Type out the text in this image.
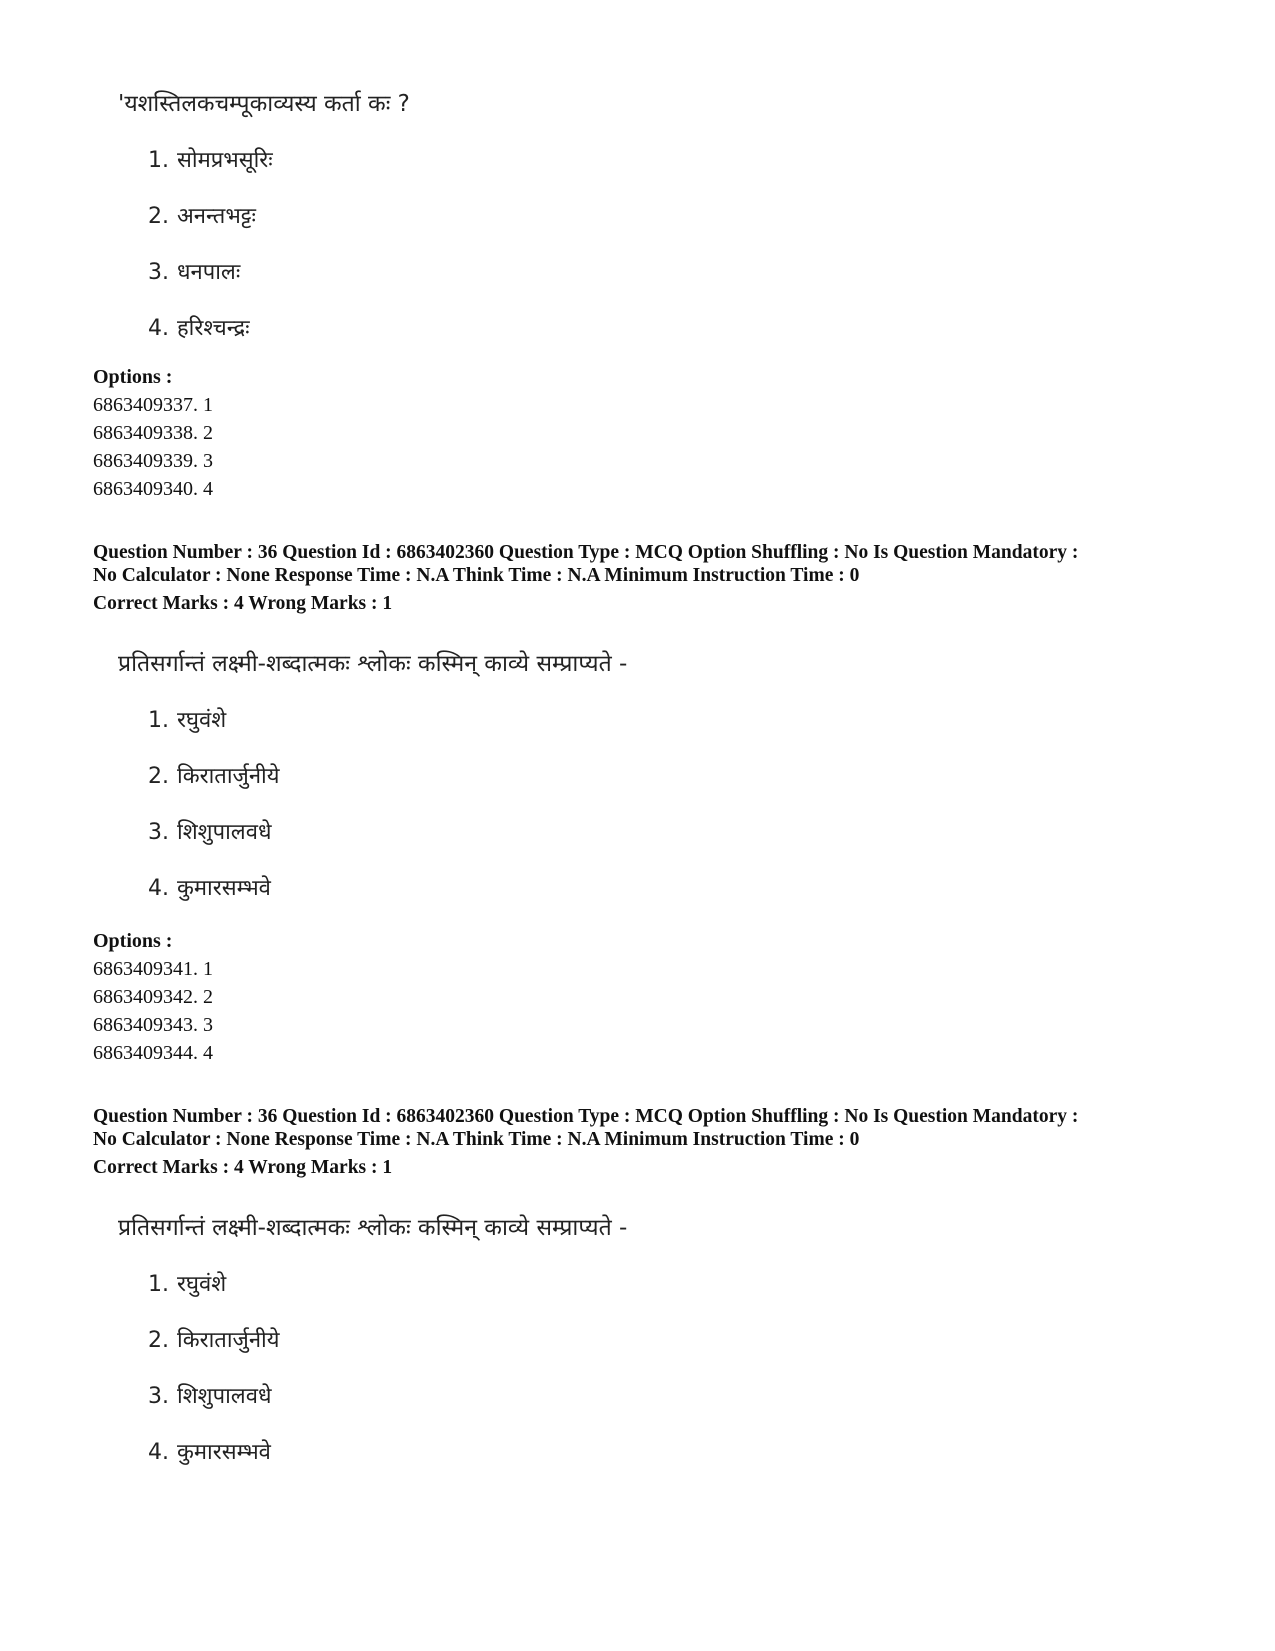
'यशस्तिलकचम्पूकाव्यस्य कर्ता कः ?
1. सोमप्रभसूरिः
2. अनन्तभट्टः
3. धनपालः
4. हरिश्चन्द्रः
Options :
6863409337. 1
6863409338. 2
6863409339. 3
6863409340. 4
Question Number : 36 Question Id : 6863402360 Question Type : MCQ Option Shuffling : No Is Question Mandatory :
No Calculator : None Response Time : N.A Think Time : N.A Minimum Instruction Time : 0
Correct Marks : 4 Wrong Marks : 1
प्रतिसर्गान्तं लक्ष्मी-शब्दात्मकः श्लोकः कस्मिन् काव्ये सम्प्राप्यते -
1. रघुवंशे
2. किरातार्जुनीये
3. शिशुपालवधे
4. कुमारसम्भवे
Options :
6863409341. 1
6863409342. 2
6863409343. 3
6863409344. 4
Question Number : 36 Question Id : 6863402360 Question Type : MCQ Option Shuffling : No Is Question Mandatory :
No Calculator : None Response Time : N.A Think Time : N.A Minimum Instruction Time : 0
Correct Marks : 4 Wrong Marks : 1
प्रतिसर्गान्तं लक्ष्मी-शब्दात्मकः श्लोकः कस्मिन् काव्ये सम्प्राप्यते -
1. रघुवंशे
2. किरातार्जुनीये
3. शिशुपालवधे
4. कुमारसम्भवे
